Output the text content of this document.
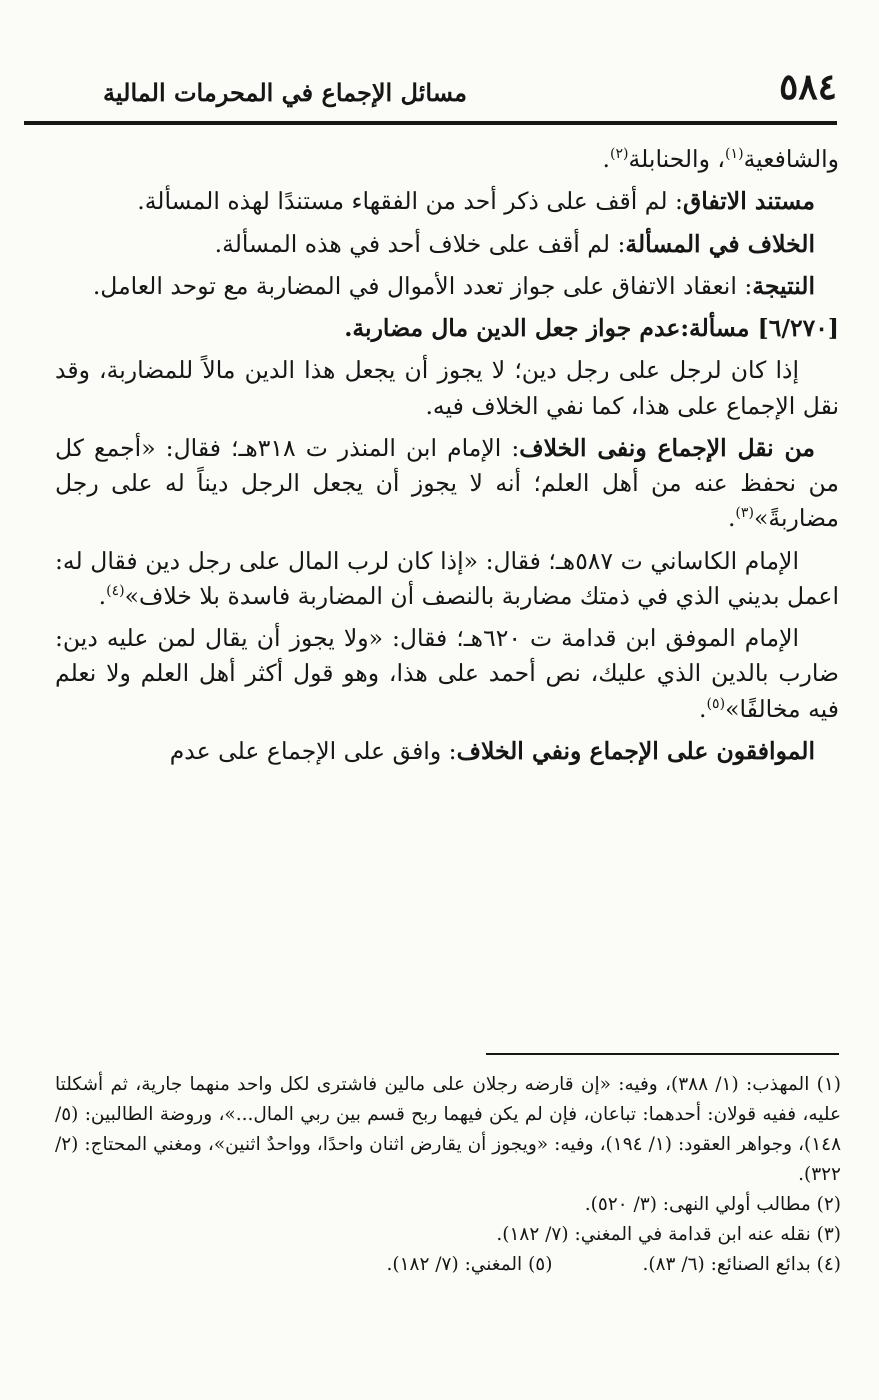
٥٨٤
مسائل الإجماع في المحرمات المالية

والشافعية$^{(١)}$، والحنابلة$^{(٢)}$.

مستند الاتفاق: لم أقف على ذكر أحد من الفقهاء مستندًا لهذه المسألة.

الخلاف في المسألة: لم أقف على خلاف أحد في هذه المسألة.

النتيجة: انعقاد الاتفاق على جواز تعدد الأموال في المضاربة مع توحد العامل.

[٦/٢٧٠] مسألة:عدم جواز جعل الدين مال مضاربة.

إذا كان لرجل على رجل دين؛ لا يجوز أن يجعل هذا الدين مالاً للمضاربة، وقد نقل الإجماع على هذا، كما نفي الخلاف فيه.

من نقل الإجماع ونفى الخلاف: الإمام ابن المنذر ت ٣١٨هـ؛ فقال: «أجمع كل من نحفظ عنه من أهل العلم؛ أنه لا يجوز أن يجعل الرجل ديناً له على رجل مضاربةً»$^{(٣)}$.

الإمام الكاساني ت ٥٨٧هـ؛ فقال: «إذا كان لرب المال على رجل دين فقال له: اعمل بديني الذي في ذمتك مضاربة بالنصف أن المضاربة فاسدة بلا خلاف»$^{(٤)}$.

الإمام الموفق ابن قدامة ت ٦٢٠هـ؛ فقال: «ولا يجوز أن يقال لمن عليه دين: ضارب بالدين الذي عليك، نص أحمد على هذا، وهو قول أكثر أهل العلم ولا نعلم فيه مخالفًا»$^{(٥)}$.

الموافقون على الإجماع ونفي الخلاف: وافق على الإجماع على عدم

(١) المهذب: (١/ ٣٨٨)، وفيه: «إن قارضه رجلان على مالين فاشترى لكل واحد منهما جارية، ثم أشكلتا عليه، ففيه قولان: أحدهما: تباعان، فإن لم يكن فيهما ربح قسم بين ربي المال...»، وروضة الطالبين: (٥/ ١٤٨)، وجواهر العقود: (١/ ١٩٤)، وفيه: «ويجوز أن يقارض اثنان واحدًا، وواحدٌ اثنين»، ومغني المحتاج: (٢/ ٣٢٢).

(٢) مطالب أولي النهى: (٣/ ٥٢٠).

(٣) نقله عنه ابن قدامة في المغني: (٧/ ١٨٢).

(٤) بدائع الصنائع: (٦/ ٨٣).

(٥) المغني: (٧/ ١٨٢).
